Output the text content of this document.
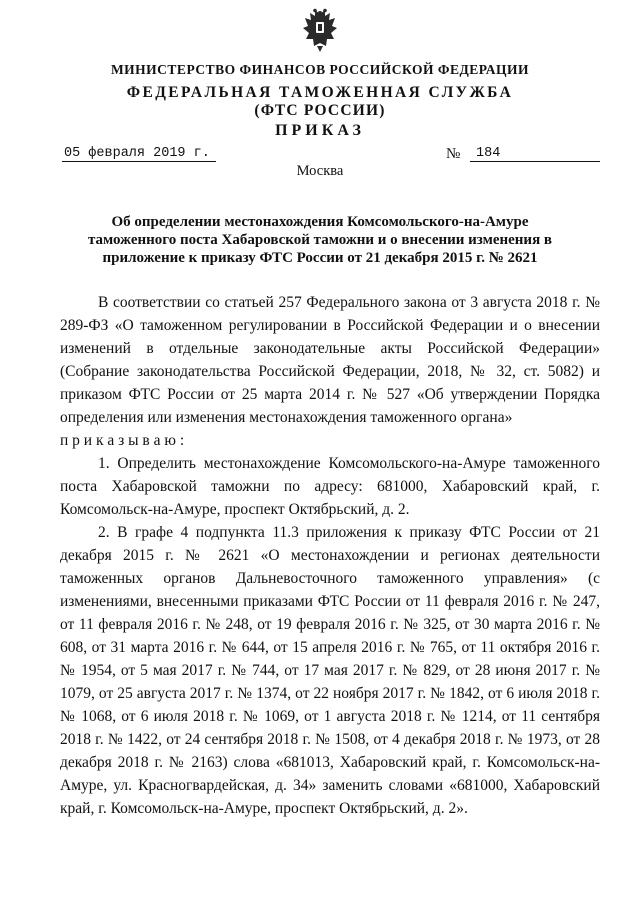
МИНИСТЕРСТВО ФИНАНСОВ РОССИЙСКОЙ ФЕДЕРАЦИИ
ФЕДЕРАЛЬНАЯ ТАМОЖЕННАЯ СЛУЖБА
(ФТС РОССИИ)
ПРИКАЗ
05 февраля 2019 г.	№	184
Москва
Об определении местонахождения Комсомольского-на-Амуре таможенного поста Хабаровской таможни и о внесении изменения в приложение к приказу ФТС России от 21 декабря 2015 г. № 2621

В соответствии со статьей 257 Федерального закона от 3 августа 2018 г. № 289-ФЗ «О таможенном регулировании в Российской Федерации и о внесении изменений в отдельные законодательные акты Российской Федерации» (Собрание законодательства Российской Федерации, 2018, № 32, ст. 5082) и приказом ФТС России от 25 марта 2014 г. № 527 «Об утверждении Порядка определения или изменения местонахождения таможенного органа»

п р и к а з ы в а ю :

1. Определить местонахождение Комсомольского-на-Амуре таможенного поста Хабаровской таможни по адресу: 681000, Хабаровский край, г. Комсомольск-на-Амуре, проспект Октябрьский, д. 2.

2. В графе 4 подпункта 11.3 приложения к приказу ФТС России от 21 декабря 2015 г. № 2621 «О местонахождении и регионах деятельности таможенных органов Дальневосточного таможенного управления» (с изменениями, внесенными приказами ФТС России от 11 февраля 2016 г. № 247, от 11 февраля 2016 г. № 248, от 19 февраля 2016 г. № 325, от 30 марта 2016 г. № 608, от 31 марта 2016 г. № 644, от 15 апреля 2016 г. № 765, от 11 октября 2016 г. № 1954, от 5 мая 2017 г. № 744, от 17 мая 2017 г. № 829, от 28 июня 2017 г. № 1079, от 25 августа 2017 г. № 1374, от 22 ноября 2017 г. № 1842, от 6 июля 2018 г. № 1068, от 6 июля 2018 г. № 1069, от 1 августа 2018 г. № 1214, от 11 сентября 2018 г. № 1422, от 24 сентября 2018 г. № 1508, от 4 декабря 2018 г. № 1973, от 28 декабря 2018 г. № 2163) слова «681013, Хабаровский край, г. Комсомольск-на-Амуре, ул. Красногвардейская, д. 34» заменить словами «681000, Хабаровский край, г. Комсомольск-на-Амуре, проспект Октябрьский, д. 2».
